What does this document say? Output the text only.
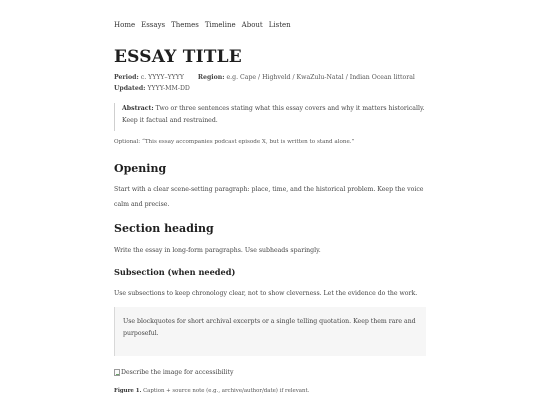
Home Essays Themes Timeline About Listen
ESSAY TITLE
Period: c. YYYY–YYYY Region: e.g. Cape / Highveld / KwaZulu-Natal / Indian Ocean littoral
Updated: YYYY-MM-DD
Abstract: Two or three sentences stating what this essay covers and why it matters historically. Keep it factual and restrained.
Optional: “This essay accompanies podcast episode X, but is written to stand alone.”
Opening
Start with a clear scene-setting paragraph: place, time, and the historical problem. Keep the voice calm and precise.
Section heading
Write the essay in long-form paragraphs. Use subheads sparingly.
Subsection (when needed)
Use subsections to keep chronology clear, not to show cleverness. Let the evidence do the work.
Use blockquotes for short archival excerpts or a single telling quotation. Keep them rare and purposeful.
Describe the image for accessibility
Figure 1. Caption + source note (e.g., archive/author/date) if relevant.
